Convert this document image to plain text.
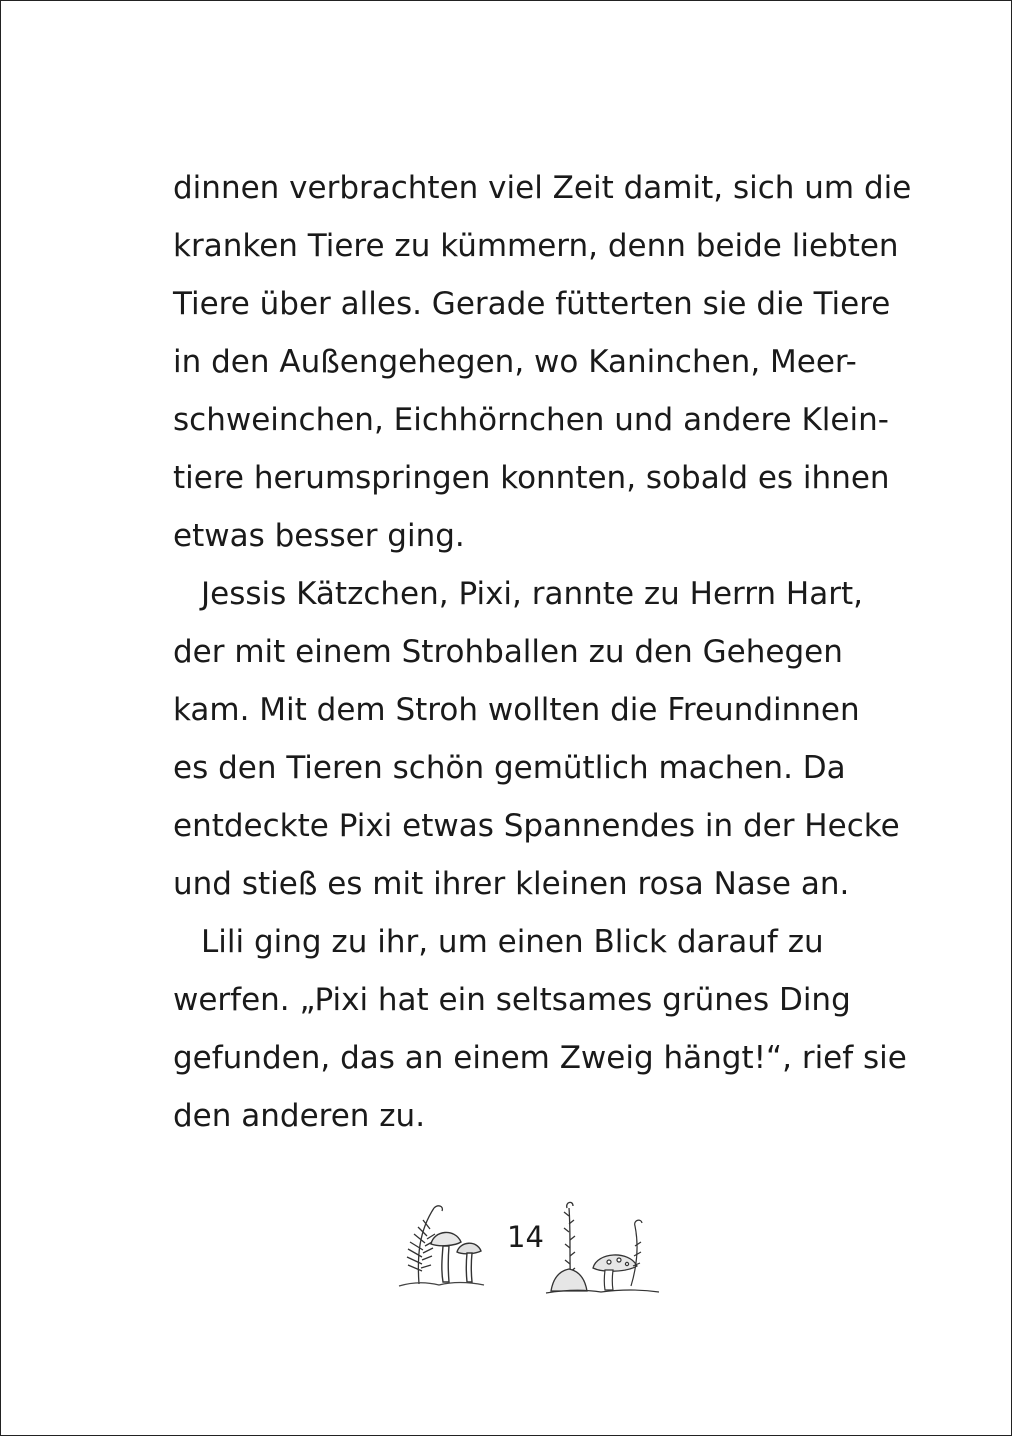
dinnen verbrachten viel Zeit damit, sich um die
kranken Tiere zu kümmern, denn beide liebten
Tiere über alles. Gerade fütterten sie die Tiere
in den Außengehegen, wo Kaninchen, Meer-
schweinchen, Eichhörnchen und andere Klein-
tiere herumspringen konnten, sobald es ihnen
etwas besser ging.
Jessis Kätzchen, Pixi, rannte zu Herrn Hart,
der mit einem Strohballen zu den Gehegen
kam. Mit dem Stroh wollten die Freundinnen
es den Tieren schön gemütlich machen. Da
entdeckte Pixi etwas Spannendes in der Hecke
und stieß es mit ihrer kleinen rosa Nase an.
Lili ging zu ihr, um einen Blick darauf zu
werfen. „Pixi hat ein seltsames grünes Ding
gefunden, das an einem Zweig hängt!“, rief sie
den anderen zu.
14
